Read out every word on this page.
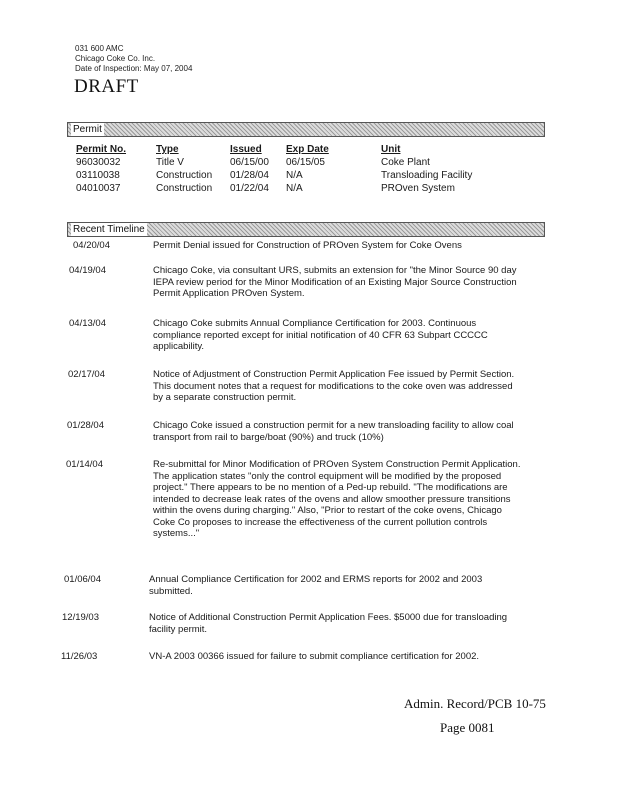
031 600 AMC
Chicago Coke Co. Inc.
Date of Inspection: May 07, 2004
DRAFT
Permit
Permit No.	Type	Issued Exp Date	Unit
96030032	Title V	06/15/00 06/15/05	Coke Plant
03110038	Construction 01/28/04 N/A	Transloading Facility
04010037	Construction 01/22/04 N/A	PROven System
Recent Timeline
04/20/04	Permit Denial issued for Construction of PROven System for Coke Ovens
04/19/04	Chicago Coke, via consultant URS, submits an extension for "the Minor Source 90 day IEPA review period for the Minor Modification of an Existing Major Source Construction Permit Application PROven System.
04/13/04	Chicago Coke submits Annual Compliance Certification for 2003. Continuous compliance reported except for initial notification of 40 CFR 63 Subpart CCCCC applicability.
02/17/04	Notice of Adjustment of Construction Permit Application Fee issued by Permit Section. This document notes that a request for modifications to the coke oven was addressed by a separate construction permit.
01/28/04	Chicago Coke issued a construction permit for a new transloading facility to allow coal transport from rail to barge/boat (90%) and truck (10%)
01/14/04	Re-submittal for Minor Modification of PROven System Construction Permit Application. The application states "only the control equipment will be modified by the proposed project." There appears to be no mention of a Ped-up rebuild. "The modifications are intended to decrease leak rates of the ovens and allow smoother pressure transitions within the ovens during charging." Also, "Prior to restart of the coke ovens, Chicago Coke Co proposes to increase the effectiveness of the current pollution controls systems..."
01/06/04	Annual Compliance Certification for 2002 and ERMS reports for 2002 and 2003 submitted.
12/19/03	Notice of Additional Construction Permit Application Fees. $5000 due for transloading facility permit.
11/26/03	VN-A 2003 00366 issued for failure to submit compliance certification for 2002.
Admin. Record/PCB 10-75
Page 0081
